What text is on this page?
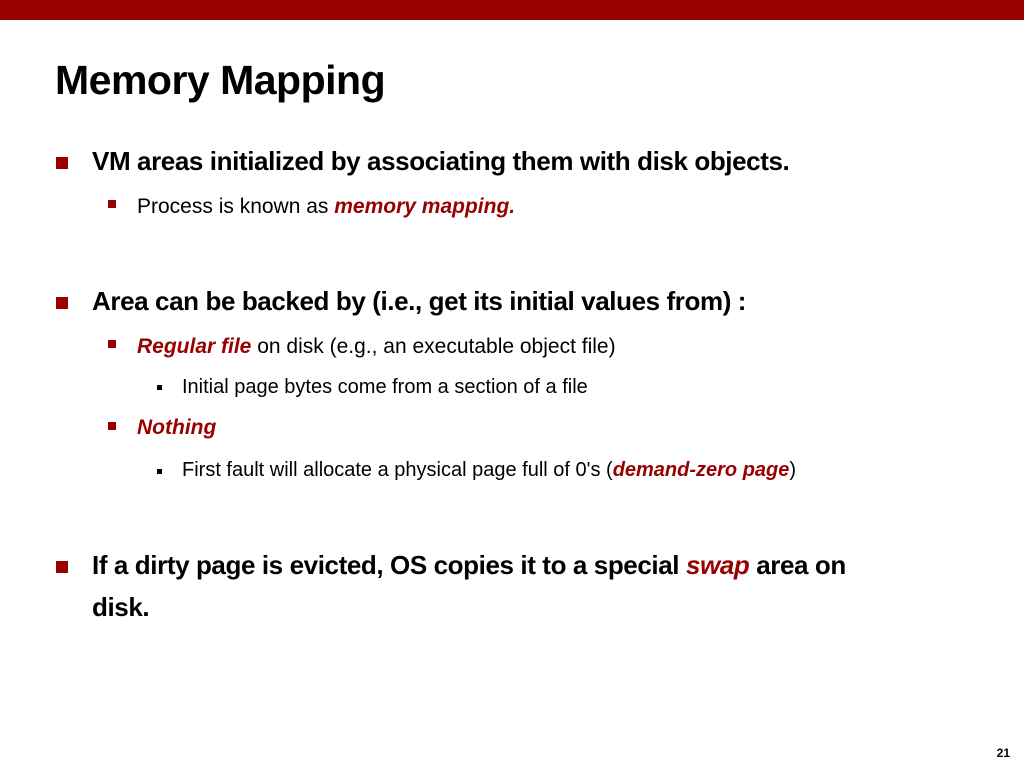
Memory Mapping

VM areas initialized by associating them with disk objects.

Process is known as memory mapping.

Area can be backed by (i.e., get its initial values from) :

Regular file on disk (e.g., an executable object file)

Initial page bytes come from a section of a file

Nothing

First fault will allocate a physical page full of 0's (demand-zero page)

If a dirty page is evicted, OS copies it to a special swap area on

disk.

21
